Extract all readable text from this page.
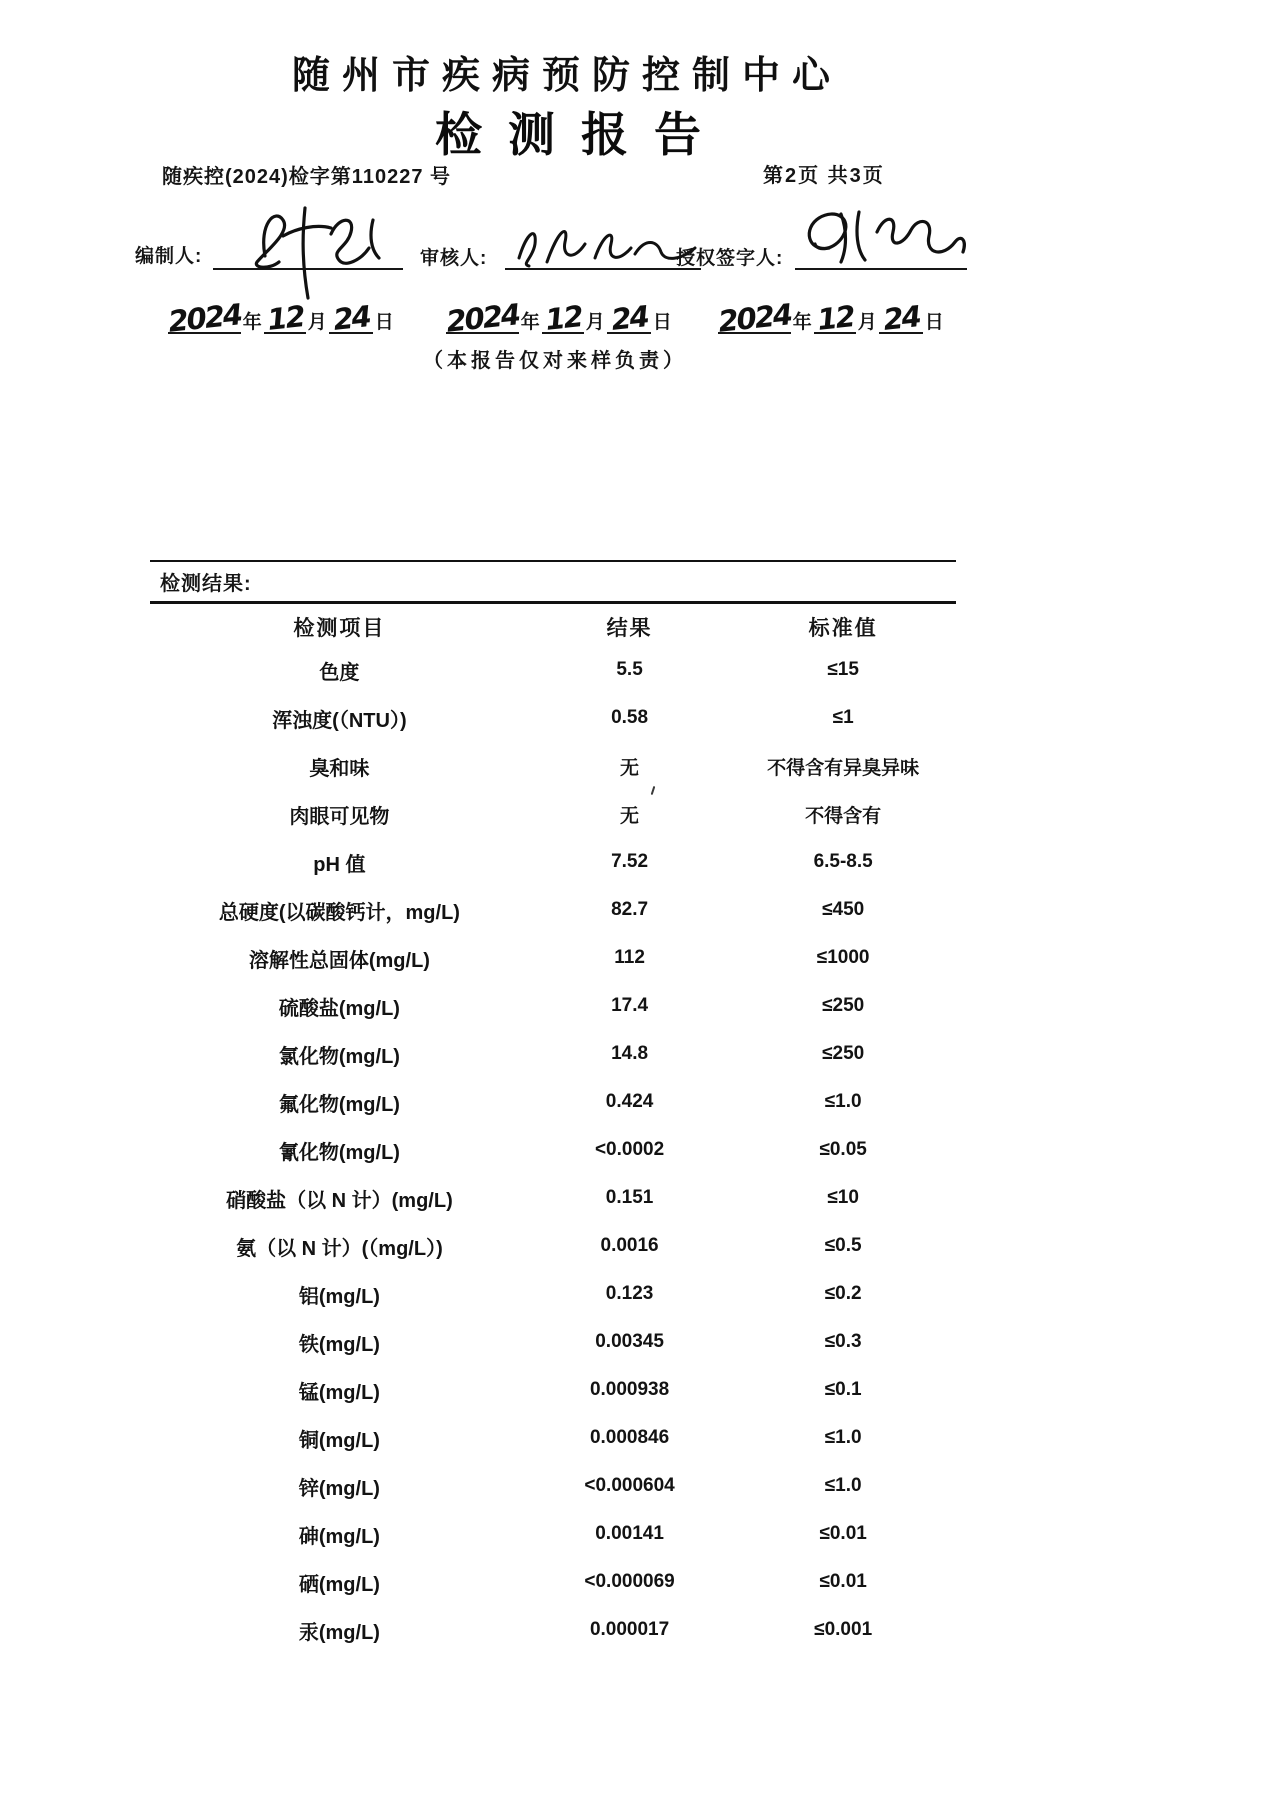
随州市疾病预防控制中心
检测报告
随疾控(2024)检字第110227 号	第2页 共3页
编制人:	审核人:	授权签字人:
2024年 12 月 24 日 2024年 12 月 24 日 2024年 12 月 24 日
（本报告仅对来样负责）
检测结果:
检测项目	结果	标准值
色度	5.5	≤15
浑浊度(（NTU）)	0.58	≤1
臭和味	无	不得含有异臭异味
肉眼可见物	无	不得含有
pH 值	7.52	6.5-8.5
总硬度(以碳酸钙计，mg/L)	82.7	≤450
溶解性总固体(mg/L)	112	≤1000
硫酸盐(mg/L)	17.4	≤250
氯化物(mg/L)	14.8	≤250
氟化物(mg/L)	0.424	≤1.0
氰化物(mg/L)	<0.0002	≤0.05
硝酸盐（以 N 计）(mg/L)	0.151	≤10
氨（以 N 计）(（mg/L）)	0.0016	≤0.5
铝(mg/L)	0.123	≤0.2
铁(mg/L)	0.00345	≤0.3
锰(mg/L)	0.000938	≤0.1
铜(mg/L)	0.000846	≤1.0
锌(mg/L)	<0.000604	≤1.0
砷(mg/L)	0.00141	≤0.01
硒(mg/L)	<0.000069	≤0.01
汞(mg/L)	0.000017	≤0.001
